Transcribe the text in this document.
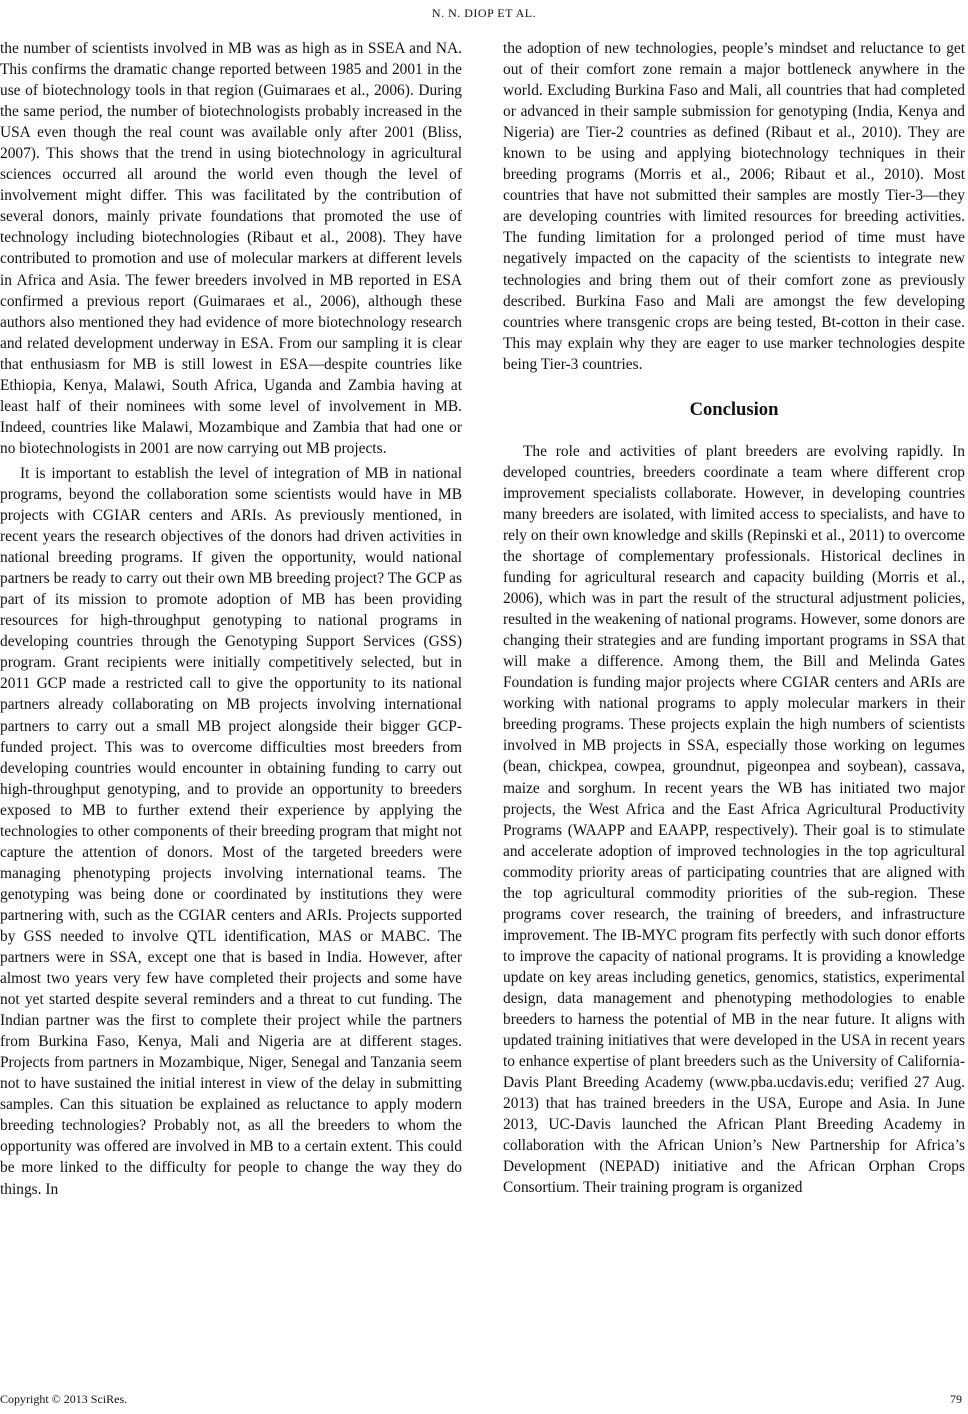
N. N. DIOP ET AL.

the number of scientists involved in MB was as high as in SSEA and NA. This confirms the dramatic change reported between 1985 and 2001 in the use of biotechnology tools in that region (Guimaraes et al., 2006). During the same period, the number of biotechnologists probably increased in the USA even though the real count was available only after 2001 (Bliss, 2007). This shows that the trend in using biotechnology in agricultural sciences occurred all around the world even though the level of involvement might differ. This was facilitated by the contribution of several donors, mainly private foundations that promoted the use of technology including biotechnologies (Ribaut et al., 2008). They have contributed to promotion and use of molecular markers at different levels in Africa and Asia. The fewer breeders involved in MB reported in ESA confirmed a previous report (Guimaraes et al., 2006), although these authors also mentioned they had evidence of more biotechnology research and related development underway in ESA. From our sampling it is clear that enthusiasm for MB is still lowest in ESA—despite countries like Ethiopia, Kenya, Malawi, South Africa, Uganda and Zambia having at least half of their nominees with some level of involvement in MB. Indeed, countries like Malawi, Mozambique and Zambia that had one or no biotechnologists in 2001 are now carrying out MB projects.

It is important to establish the level of integration of MB in national programs, beyond the collaboration some scientists would have in MB projects with CGIAR centers and ARIs. As previously mentioned, in recent years the research objectives of the donors had driven activities in national breeding programs. If given the opportunity, would national partners be ready to carry out their own MB breeding project? The GCP as part of its mission to promote adoption of MB has been providing resources for high-throughput genotyping to national programs in developing countries through the Genotyping Support Services (GSS) program. Grant recipients were initially competitively selected, but in 2011 GCP made a restricted call to give the opportunity to its national partners already collaborating on MB projects involving international partners to carry out a small MB project alongside their bigger GCP-funded project. This was to overcome difficulties most breeders from developing countries would encounter in obtaining funding to carry out high-throughput genotyping, and to provide an opportunity to breeders exposed to MB to further extend their experience by applying the technologies to other components of their breeding program that might not capture the attention of donors. Most of the targeted breeders were managing phenotyping projects involving international teams. The genotyping was being done or coordinated by institutions they were partnering with, such as the CGIAR centers and ARIs. Projects supported by GSS needed to involve QTL identification, MAS or MABC. The partners were in SSA, except one that is based in India. However, after almost two years very few have completed their projects and some have not yet started despite several reminders and a threat to cut funding. The Indian partner was the first to complete their project while the partners from Burkina Faso, Kenya, Mali and Nigeria are at different stages. Projects from partners in Mozambique, Niger, Senegal and Tanzania seem not to have sustained the initial interest in view of the delay in submitting samples. Can this situation be explained as reluctance to apply modern breeding technologies? Probably not, as all the breeders to whom the opportunity was offered are involved in MB to a certain extent. This could be more linked to the difficulty for people to change the way they do things. In

the adoption of new technologies, people’s mindset and reluctance to get out of their comfort zone remain a major bottleneck anywhere in the world. Excluding Burkina Faso and Mali, all countries that had completed or advanced in their sample submission for genotyping (India, Kenya and Nigeria) are Tier-2 countries as defined (Ribaut et al., 2010). They are known to be using and applying biotechnology techniques in their breeding programs (Morris et al., 2006; Ribaut et al., 2010). Most countries that have not submitted their samples are mostly Tier-3—they are developing countries with limited resources for breeding activities. The funding limitation for a prolonged period of time must have negatively impacted on the capacity of the scientists to integrate new technologies and bring them out of their comfort zone as previously described. Burkina Faso and Mali are amongst the few developing countries where transgenic crops are being tested, Bt-cotton in their case. This may explain why they are eager to use marker technologies despite being Tier-3 countries.

Conclusion

The role and activities of plant breeders are evolving rapidly. In developed countries, breeders coordinate a team where different crop improvement specialists collaborate. However, in developing countries many breeders are isolated, with limited access to specialists, and have to rely on their own knowledge and skills (Repinski et al., 2011) to overcome the shortage of complementary professionals. Historical declines in funding for agricultural research and capacity building (Morris et al., 2006), which was in part the result of the structural adjustment policies, resulted in the weakening of national programs. However, some donors are changing their strategies and are funding important programs in SSA that will make a difference. Among them, the Bill and Melinda Gates Foundation is funding major projects where CGIAR centers and ARIs are working with national programs to apply molecular markers in their breeding programs. These projects explain the high numbers of scientists involved in MB projects in SSA, especially those working on legumes (bean, chickpea, cowpea, groundnut, pigeonpea and soybean), cassava, maize and sorghum. In recent years the WB has initiated two major projects, the West Africa and the East Africa Agricultural Productivity Programs (WAAPP and EAAPP, respectively). Their goal is to stimulate and accelerate adoption of improved technologies in the top agricultural commodity priority areas of participating countries that are aligned with the top agricultural commodity priorities of the sub-region. These programs cover research, the training of breeders, and infrastructure improvement. The IB-MYC program fits perfectly with such donor efforts to improve the capacity of national programs. It is providing a knowledge update on key areas including genetics, genomics, statistics, experimental design, data management and phenotyping methodologies to enable breeders to harness the potential of MB in the near future. It aligns with updated training initiatives that were developed in the USA in recent years to enhance expertise of plant breeders such as the University of California-Davis Plant Breeding Academy (www.pba.ucdavis.edu; verified 27 Aug. 2013) that has trained breeders in the USA, Europe and Asia. In June 2013, UC-Davis launched the African Plant Breeding Academy in collaboration with the African Union’s New Partnership for Africa’s Development (NEPAD) initiative and the African Orphan Crops Consortium. Their training program is organized

Copyright © 2013 SciRes.	79
